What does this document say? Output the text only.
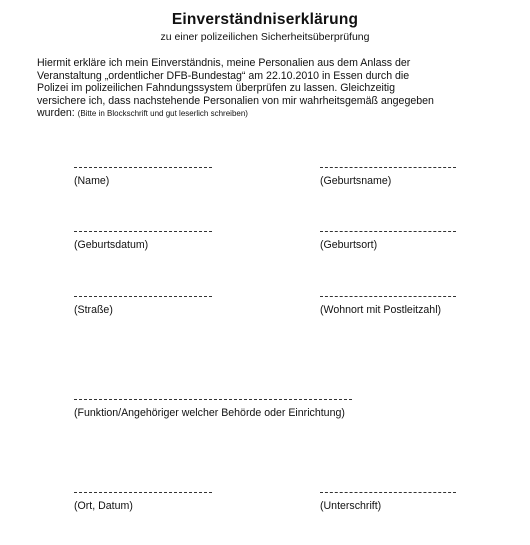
Einverständniserklärung
zu einer polizeilichen Sicherheitsüberprüfung
Hiermit erkläre ich mein Einverständnis, meine Personalien aus dem Anlass der
Veranstaltung „ordentlicher DFB-Bundestag“ am 22.10.2010 in Essen durch die
Polizei im polizeilichen Fahndungssystem überprüfen zu lassen. Gleichzeitig
versichere ich, dass nachstehende Personalien von mir wahrheitsgemäß angegeben
wurden: (Bitte in Blockschrift und gut leserlich schreiben)
(Name)	(Geburtsname)
(Geburtsdatum)	(Geburtsort)
(Straße)	(Wohnort mit Postleitzahl)
(Funktion/Angehöriger welcher Behörde oder Einrichtung)
(Ort, Datum)	(Unterschrift)
